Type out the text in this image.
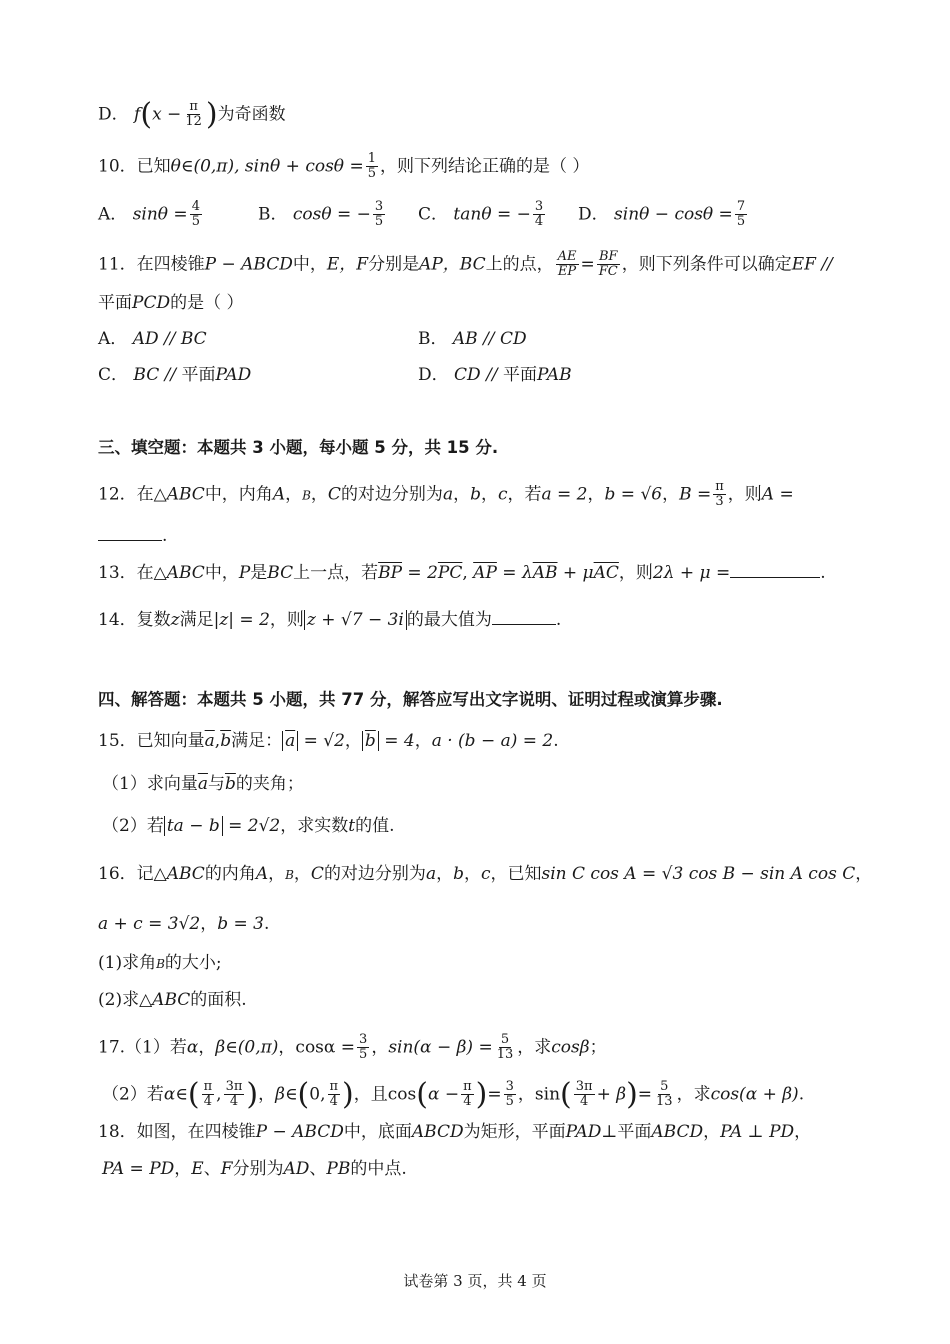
D． $f(x - \frac{\pi}{12}$ )为奇函数
10．已知θ∈(0,π), $\sin\theta + \cos\theta = \frac{1}{5}$ ，则下列结论正确的是（ ）
A． $\sin\theta = \frac{4}{5}$	B． cosθ = − $\frac{3}{5}$ C． tanθ = − $\frac{3}{4}$ D． $\sin\theta - \cos\theta = \frac{7}{5}$
11．在四棱锥P − ABCD中，E，F分别是AP，BC上的点， $\frac{AE}{EP} = \frac{BF}{FC}$ ，则下列条件可以确定EF //
平面PCD的是（ ）
A． AD // BC	B． AB // CD
C． BC // 平面PAD	D． CD // 平面PAB
三、填空题：本题共 3 小题，每小题 5 分，共 15 分.
12．在△ABC中，内角A，B，C的对边分别为a，b，c，若a = 2，b = √6，$B = \frac{\pi}{3}$ ，则A =
.
13．在△ABC中，P是BC上一点，若$\overline{BP} = 2\overline{PC}$, $\overline{AP} = \lambda\overline{AB} + \mu\overline{AC}$，则2λ + μ =	.
14．复数z满足|z| = 2，则 z + √7 − 3i 的最大值为	.
四、解答题：本题共 5 小题，共 77 分，解答应写出文字说明、证明过程或演算步骤.
15．已知向量$\overline{a},\overline{b}$满足： $\overline{a} = √2$， $\overline{b} = 4$，a · (b − a) = 2.
（1）求向量$\overline{a}$与$\overline{b}$的夹角；
（2）若 ta − b = 2√2，求实数t的值.
16．记△ABC的内角A，B，C的对边分别为a，b，c，已知sin C cos A = √3 cos B − sin A cos C，
a + c = 3√2，b = 3.
(1)求角B的大小;
(2)求△ABC的面积.
17.（1）若α，β∈(0,π)，$\cos\alpha = \frac{3}{5}$ ，$\sin(\alpha - \beta) = \frac{5}{13}$ ，求cosβ；
（2）若α∈( $\frac{\pi}{4}$ , $\frac{3\pi}{4}$ )，β∈(0, $\frac{\pi}{4}$ )，且$\cos(\alpha - \frac{\pi}{4}$ )= $\frac{3}{5}$ ，$\sin( \frac{3\pi}{4} + \beta)= \frac{5}{13}$ ，求cos(α + β).
18．如图，在四棱锥P − ABCD中，底面ABCD为矩形，平面PAD⊥平面ABCD，PA ⊥ PD，
PA = PD，E、F分别为AD、PB的中点.
试卷第 3 页，共 4 页
